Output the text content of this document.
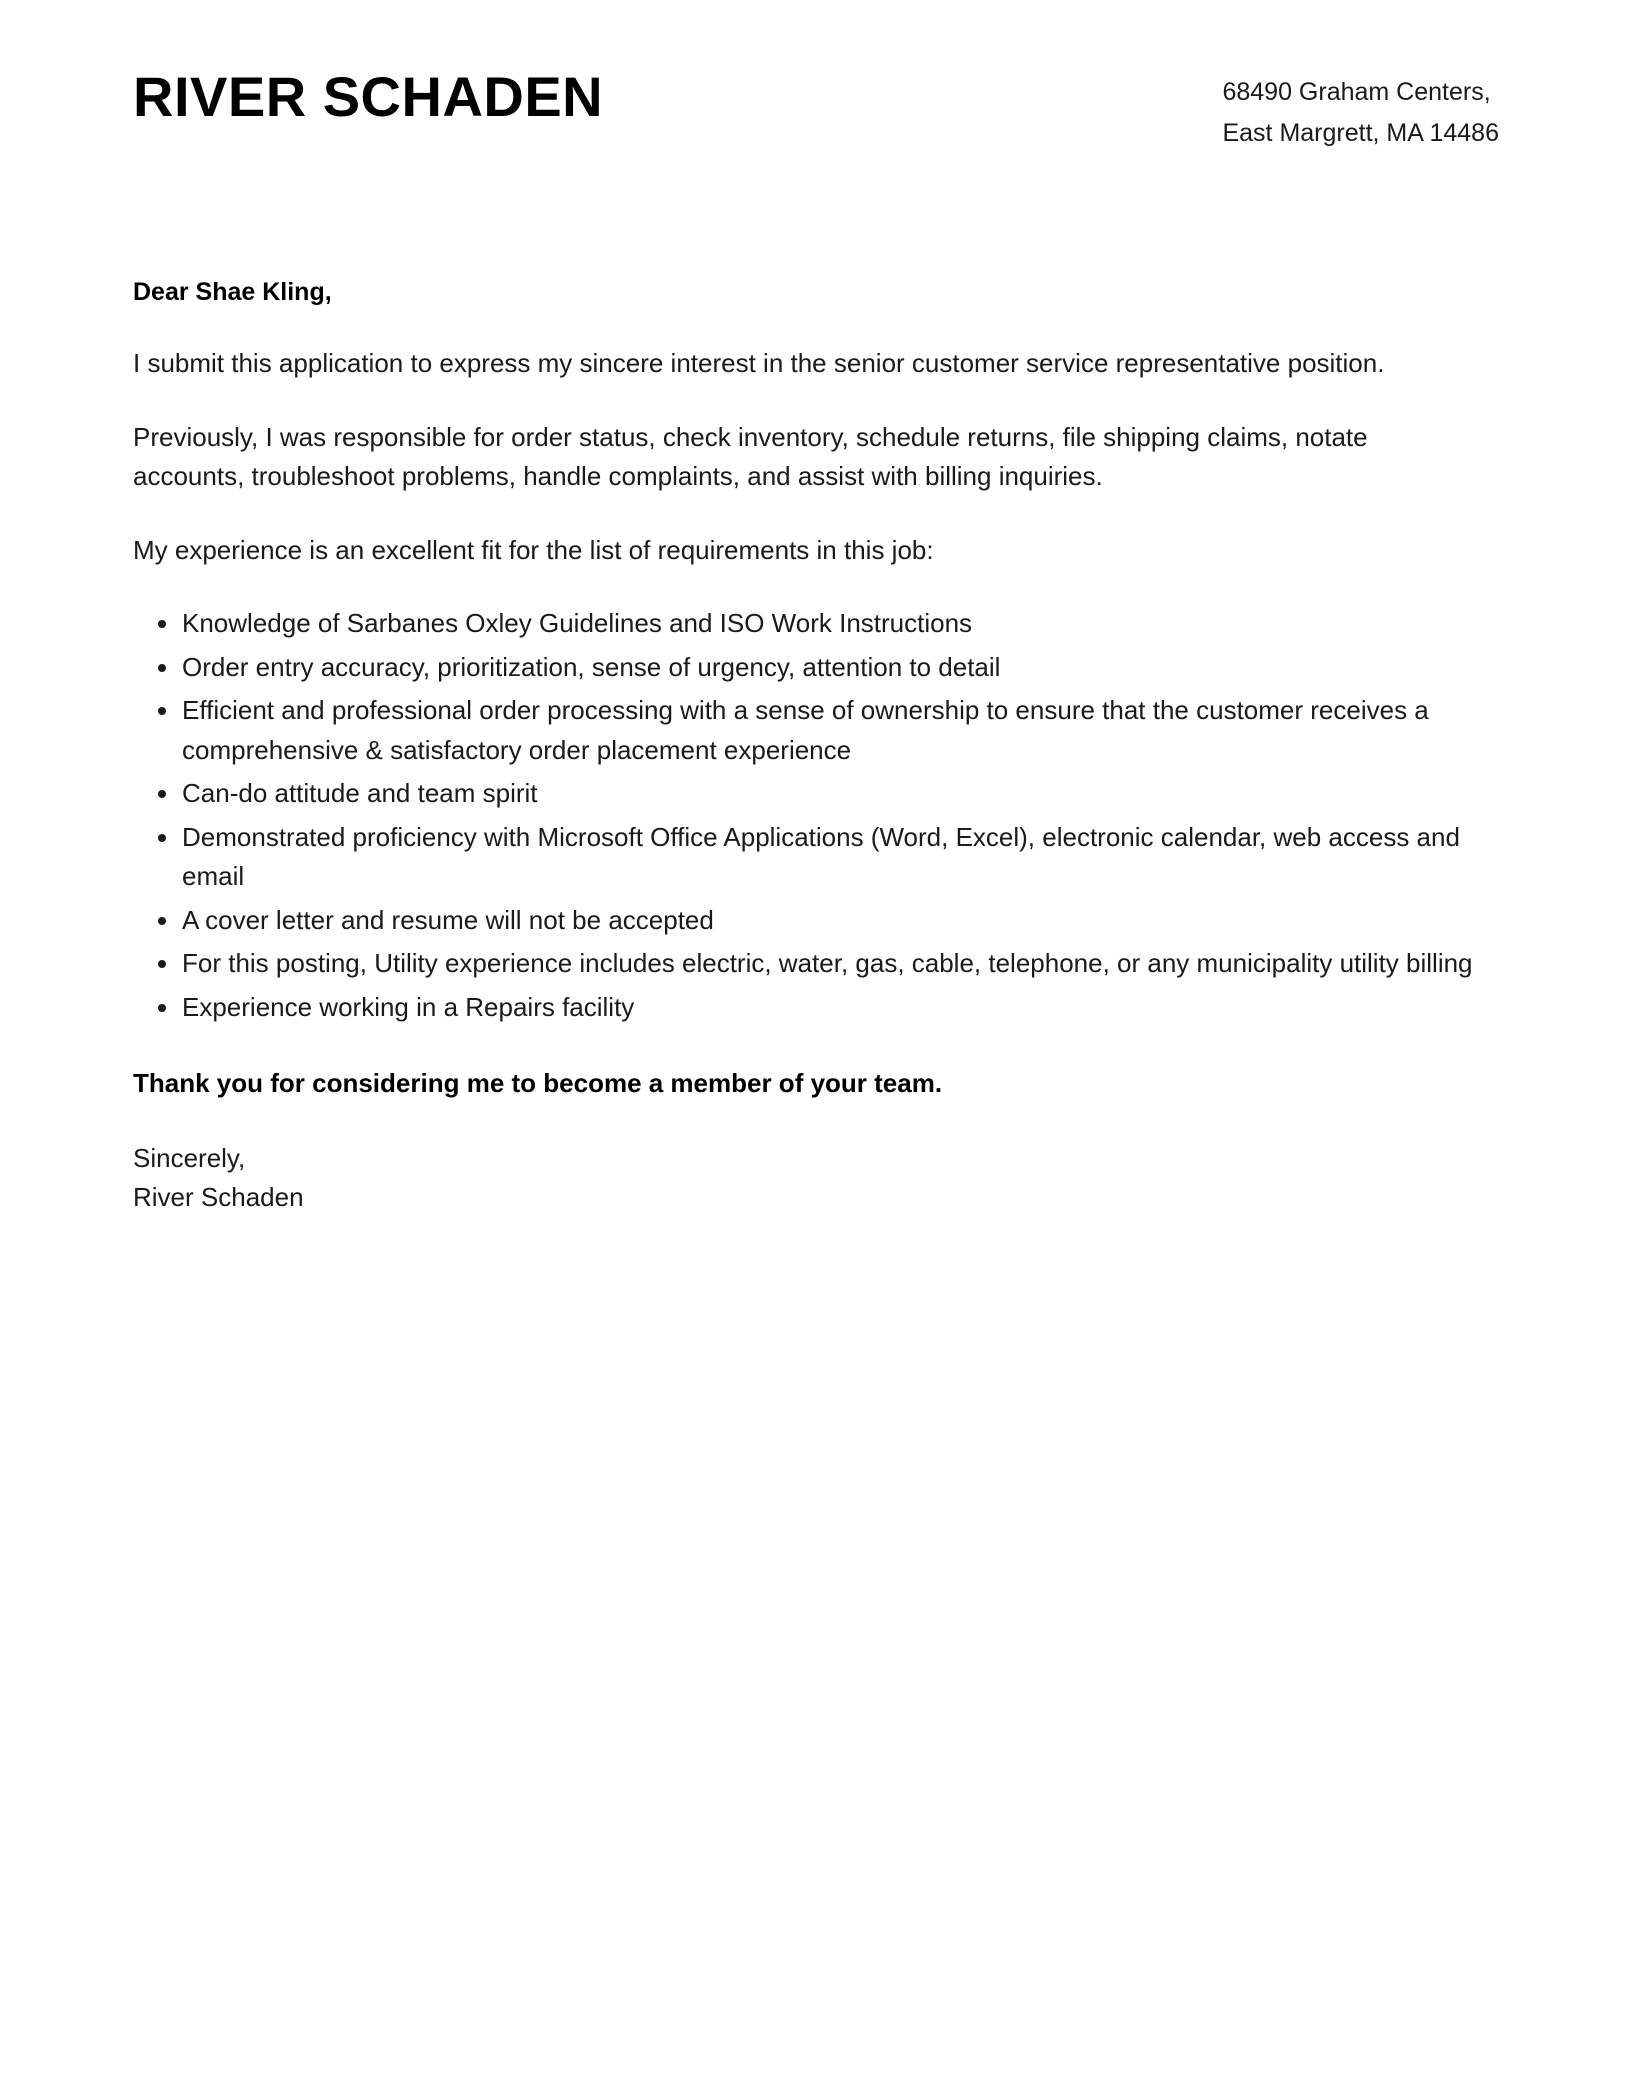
RIVER SCHADEN	68490 Graham Centers,
East Margrett, MA 14486

Dear Shae Kling,

I submit this application to express my sincere interest in the senior customer service representative position.

Previously, I was responsible for order status, check inventory, schedule returns, file shipping claims, notate accounts, troubleshoot problems, handle complaints, and assist with billing inquiries.

My experience is an excellent fit for the list of requirements in this job:

Knowledge of Sarbanes Oxley Guidelines and ISO Work Instructions
Order entry accuracy, prioritization, sense of urgency, attention to detail
Efficient and professional order processing with a sense of ownership to ensure that the customer receives a comprehensive & satisfactory order placement experience
Can-do attitude and team spirit
Demonstrated proficiency with Microsoft Office Applications (Word, Excel), electronic calendar, web access and email
A cover letter and resume will not be accepted
For this posting, Utility experience includes electric, water, gas, cable, telephone, or any municipality utility billing
Experience working in a Repairs facility

Thank you for considering me to become a member of your team.

Sincerely,
River Schaden
